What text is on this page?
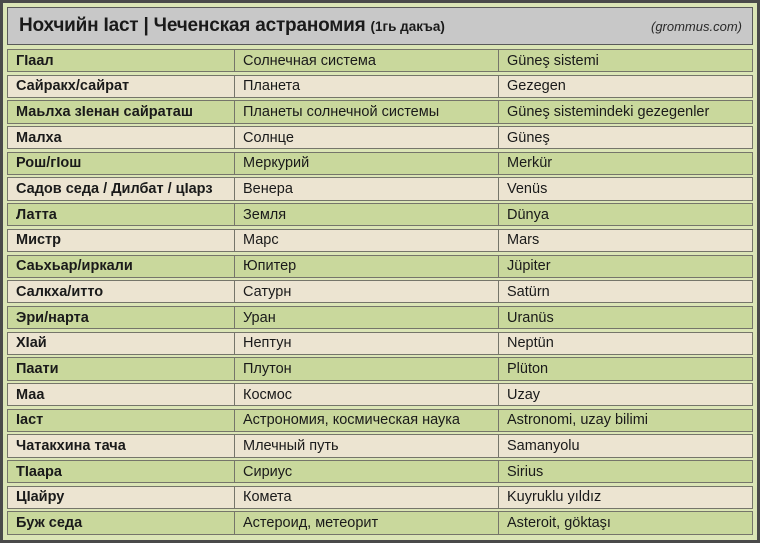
Нохчийн Iаст | Чеченская астраномия (1гь дакъа)	(grommus.com)
ГIаал	Солнечная система	Güneş sistemi
Сайракх/сайрат	Планета	Gezegen
Маьлха зIенан сайраташ	Планеты солнечной системы	Güneş sistemindeki gezegenler
Малха	Солнце	Güneş
Рош/гIош	Меркурий	Merkür
Садов седа / Дилбат / цIарз	Венера	Venüs
Латта	Земля	Dünya
Мистр	Марс	Mars
Саьхьар/иркали	Юпитер	Jüpiter
Салкха/итто	Сатурн	Satürn
Эри/нарта	Уран	Uranüs
ХIай	Нептун	Neptün
Паати	Плутон	Plüton
Маа	Космос	Uzay
Iаст	Астрономия, космическая наука	Astronomi, uzay bilimi
Чатакхина тача	Млечный путь	Samanyolu
ТIаара	Сириус	Sirius
ЦIайру	Комета	Kuyruklu yıldız
Буж седа	Астероид, метеорит	Asteroit, göktaşı
